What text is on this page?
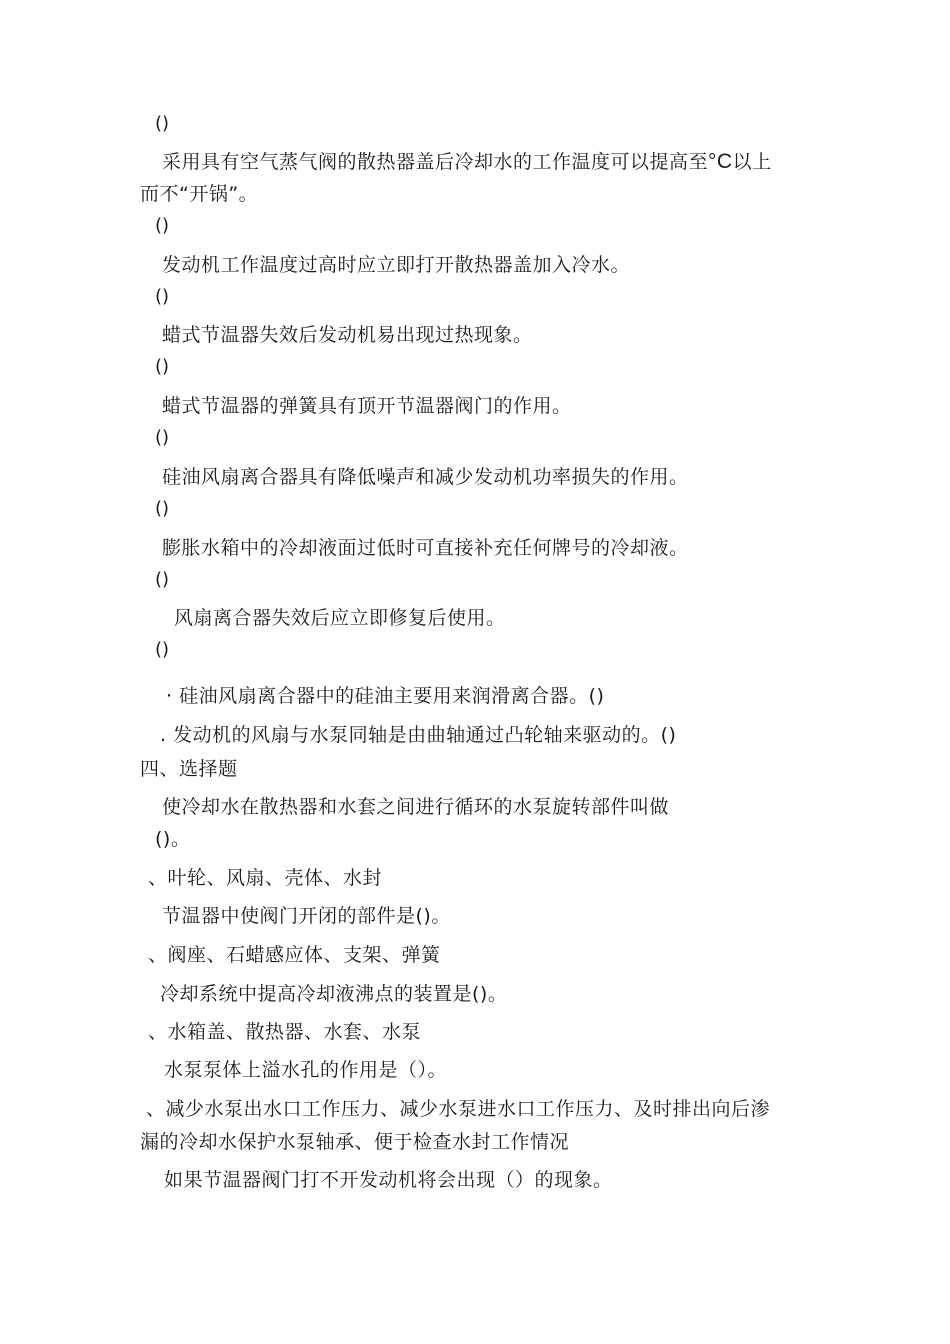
()
采用具有空气蒸气阀的散热器盖后冷却水的工作温度可以提高至°C以上
而不“开锅”。
()
发动机工作温度过高时应立即打开散热器盖加入冷水。
()
蜡式节温器失效后发动机易出现过热现象。
()
蜡式节温器的弹簧具有顶开节温器阀门的作用。
()
硅油风扇离合器具有降低噪声和减少发动机功率损失的作用。
()
膨胀水箱中的冷却液面过低时可直接补充任何牌号的冷却液。
()
风扇离合器失效后应立即修复后使用。
()
· 硅油风扇离合器中的硅油主要用来润滑离合器。()
. 发动机的风扇与水泵同轴是由曲轴通过凸轮轴来驱动的。()
四、选择题
使冷却水在散热器和水套之间进行循环的水泵旋转部件叫做
()。
、叶轮、风扇、壳体、水封
节温器中使阀门开闭的部件是()。
、阀座、石蜡感应体、支架、弹簧
冷却系统中提高冷却液沸点的装置是()。
、水箱盖、散热器、水套、水泵
水泵泵体上溢水孔的作用是（）。
、减少水泵出水口工作压力、减少水泵进水口工作压力、及时排出向后渗
漏的冷却水保护水泵轴承、便于检查水封工作情况
如果节温器阀门打不开发动机将会出现（）的现象。
